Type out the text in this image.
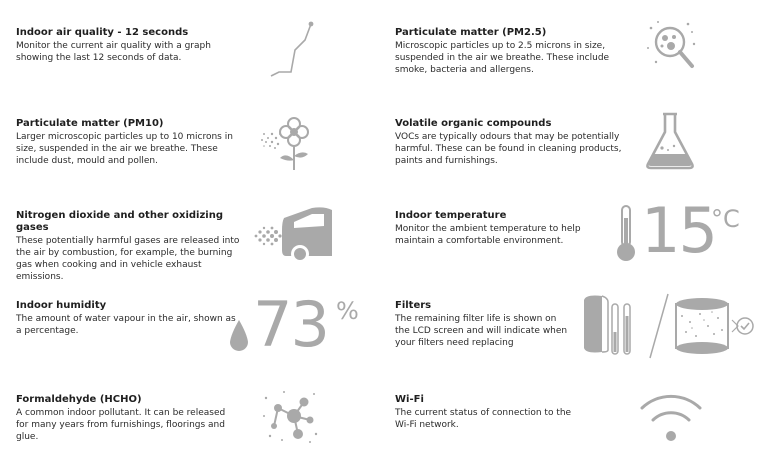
Indoor air quality - 12 seconds
Monitor the current air quality with a graph showing the last 12 seconds of data.
Particulate matter (PM2.5)
Microscopic particles up to 2.5 microns in size, suspended in the air we breathe. These include smoke, bacteria and allergens.
Particulate matter (PM10)
Larger microscopic particles up to 10 microns in size, suspended in the air we breathe. These include dust, mould and pollen.
Volatile organic compounds
VOCs are typically odours that may be potentially harmful. These can be found in cleaning products, paints and furnishings.
Nitrogen dioxide and other oxidizing gases
These potentially harmful gases are released into the air by combustion, for example, the burning gas when cooking and in vehicle exhaust emissions.
Indoor temperature
Monitor the ambient temperature to help maintain a comfortable environment.	15
°C
Indoor humidity
The amount of water vapour in the air, shown as a percentage.	73 %	Filters
The remaining filter life is shown on the LCD screen and will indicate when your filters need replacing
Formaldehyde (HCHO)
A common indoor pollutant. It can be released for many years from furnishings, floorings and glue.
Wi-Fi
The current status of connection to the Wi-Fi network.
